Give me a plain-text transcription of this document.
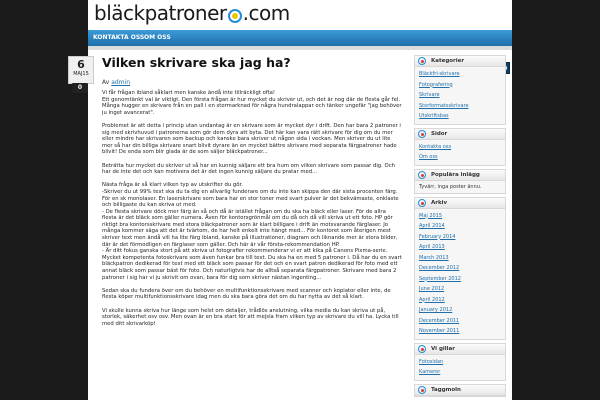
bläckpatroner .com
KONTAKTA OSS OM OSS
6
MAJ15
0
Vilken skrivare ska jag ha?
Av admin

Vi får frågan ibland såklart men kanske ändå inte tillräckligt ofta!
Ett genomtänkt val är viktigt. Den första frågan är hur mycket du skriver ut, och det är nog där de flesta går fel. Många hugger en skrivare från en pall i en stormarknad för några hundralappar och tänker ungefär "jag behöver ju inget avancerat".

Problemet är att detta i princip utan undantag är en skrivare som är mycket dyr i drift. Den har bara 2 patroner i sig med skrivhuvud i patronerna som gör dem dyra att byta. Det här kan vara rätt skrivare för dig om du mer eller mindre har skrivaren som backup och kanske bara skriver ut någon sida i veckan. Men skriver du ut lite mer så har din billiga skrivare snart blivit dyrare än en mycket bättre skrivare med separata färgpatroner hade blivit! De enda som blir glada är de som säljer bläckpatroner...

Beträtta hur mycket du skriver ut så har en kunnig säljare ett bra hum om vilken skrivare som passar dig. Och har de inte det och kan motivera det är det ingen kunnig säljare du pratar med...

Nästa fråga är så klart vilken typ av utskrifter du gör.
-Skriver du ut 99% text ska du ta dig en allvarlig funderare om du inte kan skippa den där sista procenten färg. För en sk monolaser. En laserskrivare som bara har en stor toner med svart pulver är det bekvämaste, enklaste och billigaste du kan skriva ut med.
- De flesta skrivare döck mer färg än så och då är istället frågan om du ska ha bläck eller laser. För de allra flesta är det bläck som gäller numera. Även för kontorsgrönmål om du då och då vill skriva ut ett foto. HP gör riktigt bra kontorsskrivare med stora bläckpatroner som är klart billigare i drift än motsvarande färglaser. Jo många kommer säga att det är tvärtom, de har helt enkelt inte hängt med... För kontoret som återigen mest skriver text men ändå vill ha lite färg ibland, kanske på illustrationer, diagram och liknande mer är stora bilder, där är det förmodligen en färglaser som gäller. Och här är vår första-rekommendation HP.
- Är ditt fokus ganska stort på att skriva ut fotografier rekommenderar vi er att kika på Canons Pixma-serie. Mycket kompetenta fotoskrivare som även funkar bra till text. Du ska ha en med 5 patroner i. Då har du en svart bläckpatron dedikerad för text med ett bläck som passar för det och en svart patron dedikerad för foto med ett annat bläck som passar bäst för foto. Och naturligtvis har de alltså separata färgpatroner. Skrivare med bara 2 patroner i sig har vi ju skrivit om ovan, bara för dig som skriver nästan ingenting...

Sedan ska du fundera över om du behöver en multifunktionsskrivare med scanner och kopiator eller inte, de flesta köper multifunktionsskrivare idag men du ska bara göra det om du har nytta av det så klart.

Vi skulle kunna skriva hur länge som helst om detaljer, trådlös anslutning, vilka media du kan skriva ut på, storlek, säkerhet osv osv. Men ovan är en bra start för att mejsla fram vilken typ av skrivare du vill ha. Lycka till med ditt skrivarköp!

Kategorier
Bläckfri-skrivare
Fotografering
Skrivare
Storformatsskrivare
Utskriftsbas
Sidor
Kontakta oss
Om oss
Populära inlägg
Tyvärr, inga poster ännu.
Arkiv
Maj 2015
April 2014
February 2014
April 2013
March 2013
December 2012
September 2012
June 2012
April 2012
January 2012
December 2011
November 2011
Vi gillar
Fotosidan
Kameror
Taggmoln
